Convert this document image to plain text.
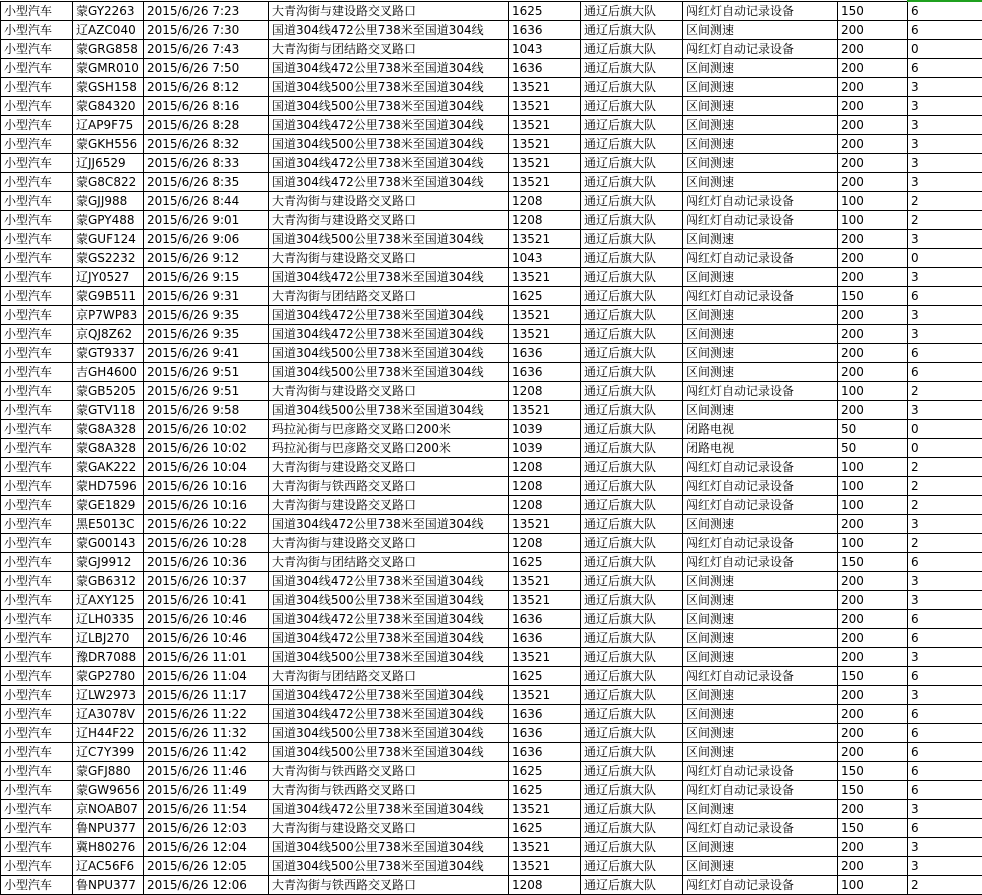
小型汽车	蒙GY2263	2015/6/26 7:23	大青沟街与建设路交叉路口	1625	通辽后旗大队	闯红灯自动记录设备	150	6
小型汽车	辽AZC040	2015/6/26 7:30	国道304线472公里738米至国道304线	1636	通辽后旗大队	区间测速	200	6
小型汽车	蒙GRG858	2015/6/26 7:43	大青沟街与团结路交叉路口	1043	通辽后旗大队	闯红灯自动记录设备	200	0
小型汽车	蒙GMR010	2015/6/26 7:50	国道304线472公里738米至国道304线	1636	通辽后旗大队	区间测速	200	6
小型汽车	蒙GSH158	2015/6/26 8:12	国道304线500公里738米至国道304线	13521	通辽后旗大队	区间测速	200	3
小型汽车	蒙G84320	2015/6/26 8:16	国道304线500公里738米至国道304线	13521	通辽后旗大队	区间测速	200	3
小型汽车	辽AP9F75	2015/6/26 8:28	国道304线472公里738米至国道304线	13521	通辽后旗大队	区间测速	200	3
小型汽车	蒙GKH556	2015/6/26 8:32	国道304线500公里738米至国道304线	13521	通辽后旗大队	区间测速	200	3
小型汽车	辽JJ6529	2015/6/26 8:33	国道304线472公里738米至国道304线	13521	通辽后旗大队	区间测速	200	3
小型汽车	蒙G8C822	2015/6/26 8:35	国道304线472公里738米至国道304线	13521	通辽后旗大队	区间测速	200	3
小型汽车	蒙GJJ988	2015/6/26 8:44	大青沟街与建设路交叉路口	1208	通辽后旗大队	闯红灯自动记录设备	100	2
小型汽车	蒙GPY488	2015/6/26 9:01	大青沟街与建设路交叉路口	1208	通辽后旗大队	闯红灯自动记录设备	100	2
小型汽车	蒙GUF124	2015/6/26 9:06	国道304线500公里738米至国道304线	13521	通辽后旗大队	区间测速	200	3
小型汽车	蒙GS2232	2015/6/26 9:12	大青沟街与建设路交叉路口	1043	通辽后旗大队	闯红灯自动记录设备	200	0
小型汽车	辽JY0527	2015/6/26 9:15	国道304线472公里738米至国道304线	13521	通辽后旗大队	区间测速	200	3
小型汽车	蒙G9B511	2015/6/26 9:31	大青沟街与团结路交叉路口	1625	通辽后旗大队	闯红灯自动记录设备	150	6
小型汽车	京P7WP83	2015/6/26 9:35	国道304线472公里738米至国道304线	13521	通辽后旗大队	区间测速	200	3
小型汽车	京QJ8Z62	2015/6/26 9:35	国道304线472公里738米至国道304线	13521	通辽后旗大队	区间测速	200	3
小型汽车	蒙GT9337	2015/6/26 9:41	国道304线500公里738米至国道304线	1636	通辽后旗大队	区间测速	200	6
小型汽车	吉GH4600	2015/6/26 9:51	国道304线500公里738米至国道304线	1636	通辽后旗大队	区间测速	200	6
小型汽车	蒙GB5205	2015/6/26 9:51	大青沟街与建设路交叉路口	1208	通辽后旗大队	闯红灯自动记录设备	100	2
小型汽车	蒙GTV118	2015/6/26 9:58	国道304线500公里738米至国道304线	13521	通辽后旗大队	区间测速	200	3
小型汽车	蒙G8A328	2015/6/26 10:02	玛拉沁街与巴彦路交叉路口200米	1039	通辽后旗大队	闭路电视	50	0
小型汽车	蒙G8A328	2015/6/26 10:02	玛拉沁街与巴彦路交叉路口200米	1039	通辽后旗大队	闭路电视	50	0
小型汽车	蒙GAK222	2015/6/26 10:04	大青沟街与建设路交叉路口	1208	通辽后旗大队	闯红灯自动记录设备	100	2
小型汽车	蒙HD7596	2015/6/26 10:16	大青沟街与铁西路交叉路口	1208	通辽后旗大队	闯红灯自动记录设备	100	2
小型汽车	蒙GE1829	2015/6/26 10:16	大青沟街与建设路交叉路口	1208	通辽后旗大队	闯红灯自动记录设备	100	2
小型汽车	黑E5013C	2015/6/26 10:22	国道304线472公里738米至国道304线	13521	通辽后旗大队	区间测速	200	3
小型汽车	蒙G00143	2015/6/26 10:28	大青沟街与建设路交叉路口	1208	通辽后旗大队	闯红灯自动记录设备	100	2
小型汽车	蒙GJ9912	2015/6/26 10:36	大青沟街与团结路交叉路口	1625	通辽后旗大队	闯红灯自动记录设备	150	6
小型汽车	蒙GB6312	2015/6/26 10:37	国道304线472公里738米至国道304线	13521	通辽后旗大队	区间测速	200	3
小型汽车	辽AXY125	2015/6/26 10:41	国道304线500公里738米至国道304线	13521	通辽后旗大队	区间测速	200	3
小型汽车	辽LH0335	2015/6/26 10:46	国道304线472公里738米至国道304线	1636	通辽后旗大队	区间测速	200	6
小型汽车	辽LBJ270	2015/6/26 10:46	国道304线472公里738米至国道304线	1636	通辽后旗大队	区间测速	200	6
小型汽车	豫DR7088	2015/6/26 11:01	国道304线500公里738米至国道304线	13521	通辽后旗大队	区间测速	200	3
小型汽车	蒙GP2780	2015/6/26 11:04	大青沟街与团结路交叉路口	1625	通辽后旗大队	闯红灯自动记录设备	150	6
小型汽车	辽LW2973	2015/6/26 11:17	国道304线472公里738米至国道304线	13521	通辽后旗大队	区间测速	200	3
小型汽车	辽A3078V	2015/6/26 11:22	国道304线472公里738米至国道304线	1636	通辽后旗大队	区间测速	200	6
小型汽车	辽H44F22	2015/6/26 11:32	国道304线500公里738米至国道304线	1636	通辽后旗大队	区间测速	200	6
小型汽车	辽C7Y399	2015/6/26 11:42	国道304线500公里738米至国道304线	1636	通辽后旗大队	区间测速	200	6
小型汽车	蒙GFJ880	2015/6/26 11:46	大青沟街与铁西路交叉路口	1625	通辽后旗大队	闯红灯自动记录设备	150	6
小型汽车	蒙GW9656	2015/6/26 11:49	大青沟街与铁西路交叉路口	1625	通辽后旗大队	闯红灯自动记录设备	150	6
小型汽车	京NOAB07	2015/6/26 11:54	国道304线472公里738米至国道304线	13521	通辽后旗大队	区间测速	200	3
小型汽车	鲁NPU377	2015/6/26 12:03	大青沟街与建设路交叉路口	1625	通辽后旗大队	闯红灯自动记录设备	150	6
小型汽车	冀H80276	2015/6/26 12:04	国道304线500公里738米至国道304线	13521	通辽后旗大队	区间测速	200	3
小型汽车	辽AC56F6	2015/6/26 12:05	国道304线500公里738米至国道304线	13521	通辽后旗大队	区间测速	200	3
小型汽车	鲁NPU377	2015/6/26 12:06	大青沟街与铁西路交叉路口	1208	通辽后旗大队	闯红灯自动记录设备	100	2
